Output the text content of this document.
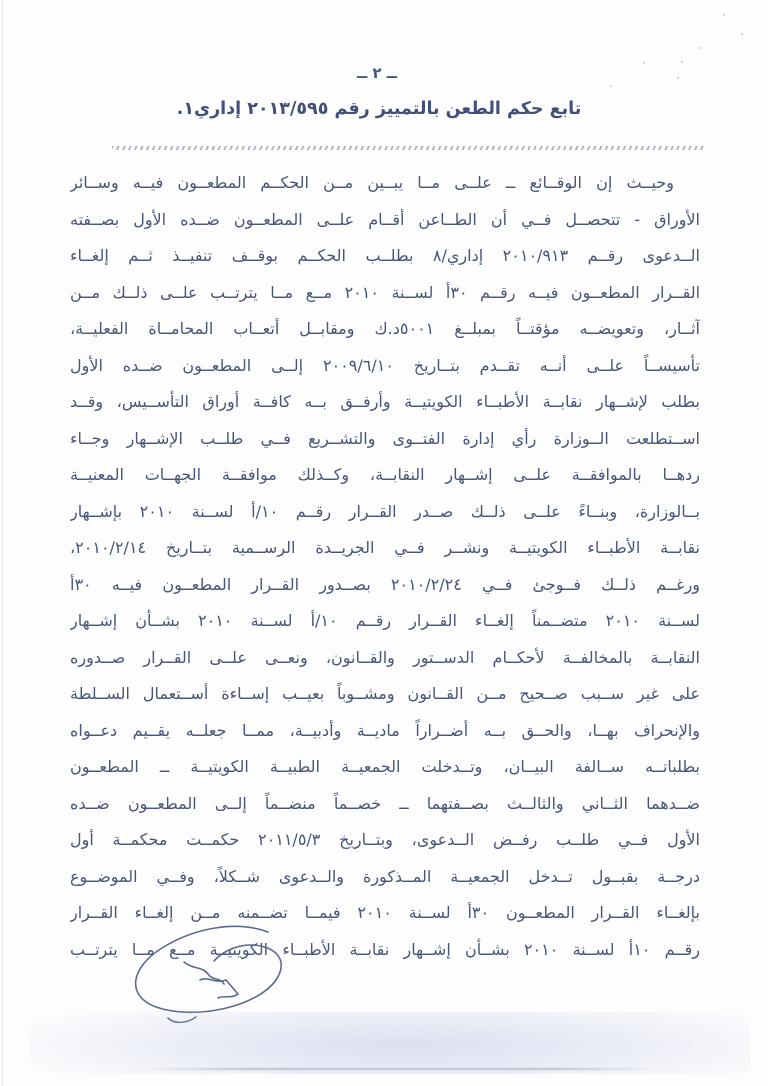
ــ ٢ ــ
تابع حكم الطعن بالتمييز رقم ٢٠١٣/٥٩٥ إداري١.
وحيــث إن الوقــائع ــ علــى مــا يبــين مــن الحكــم المطعــون فيــه وســائر
الأوراق - تتحصــل فــي أن الطــاعن أقــام علــى المطعــون ضــده الأول بصــفته
الــدعوى رقــم ٢٠١٠/٩١٣ إداري/٨ بطلــب الحكــم بوقــف تنفيــذ ثــم إلغــاء
القــرار المطعــون فيــه رقــم ٣٠أ لســنة ٢٠١٠ مــع مــا يترتــب علــى ذلــك مــن
آثــار، وتعويضــه مؤقتــاً بمبلــغ ٥٠٠١د.ك ومقابــل أتعــاب المحامــاة الفعليــة،
تأسيســاً علــى أنــه تقــدم بتــاريخ ٢٠٠٩/٦/١٠ إلــى المطعــون ضــده الأول
بطلب لإشــهار نقابــة الأطبــاء الكويتيــة وأرفــق بــه كافــة أوراق التأســيس، وقــد
اســتطلعت الــوزارة رأي إدارة الفتــوى والتشــريع فــي طلــب الإشــهار وجــاء
ردهــا بالموافقــة علــى إشــهار النقابــة، وكــذلك موافقــة الجهــات المعنيــة
بــالوزارة، وبنــاءً علــى ذلــك صــدر القــرار رقــم ١٠/أ لســنة ٢٠١٠ بإشــهار
نقابــة الأطبــاء الكويتيــة ونشــر فــي الجريــدة الرســمية بتــاريخ ٢٠١٠/٢/١٤،
ورغــم ذلــك فــوجئ فــي ٢٠١٠/٢/٢٤ بصــدور القــرار المطعــون فيــه ٣٠أ
لســنة ٢٠١٠ متضــمناً إلغــاء القــرار رقــم ١٠/أ لســنة ٢٠١٠ بشــأن إشــهار
النقابــة بالمخالفــة لأحكــام الدســتور والقــانون، ونعــى علــى القــرار صــدوره
على غير ســبب صــحيح مــن القــانون ومشــوباً بعيــب إســاءة أســتعمال الســلطة
والإنحراف بهــا، والحــق بــه أضــراراً ماديــة وأدبيــة، ممــا جعلــه يقــيم دعــواه
بطلباتــه ســالفة البيــان، وتــدخلت الجمعيــة الطبيــة الكويتيــة ــ المطعــون
ضــدهما الثــاني والثالــث بصــفتهما ــ خصــماً منضــماً إلــى المطعــون ضــده
الأول فــي طلــب رفــض الــدعوى، وبتــاريخ ٢٠١١/٥/٣ حكمــت محكمــة أول
درجــة بقبــول تــدخل الجمعيــة المــذكورة والــدعوى شــكلاً، وفــي الموضــوع
بإلغــاء القــرار المطعــون ٣٠أ لســنة ٢٠١٠ فيمــا تضــمنه مــن إلغــاء القــرار
رقــم ١٠أ لســنة ٢٠١٠ بشــأن إشــهار نقابــة الأطبــاء الكويتيــة مــع مــا يترتــب
